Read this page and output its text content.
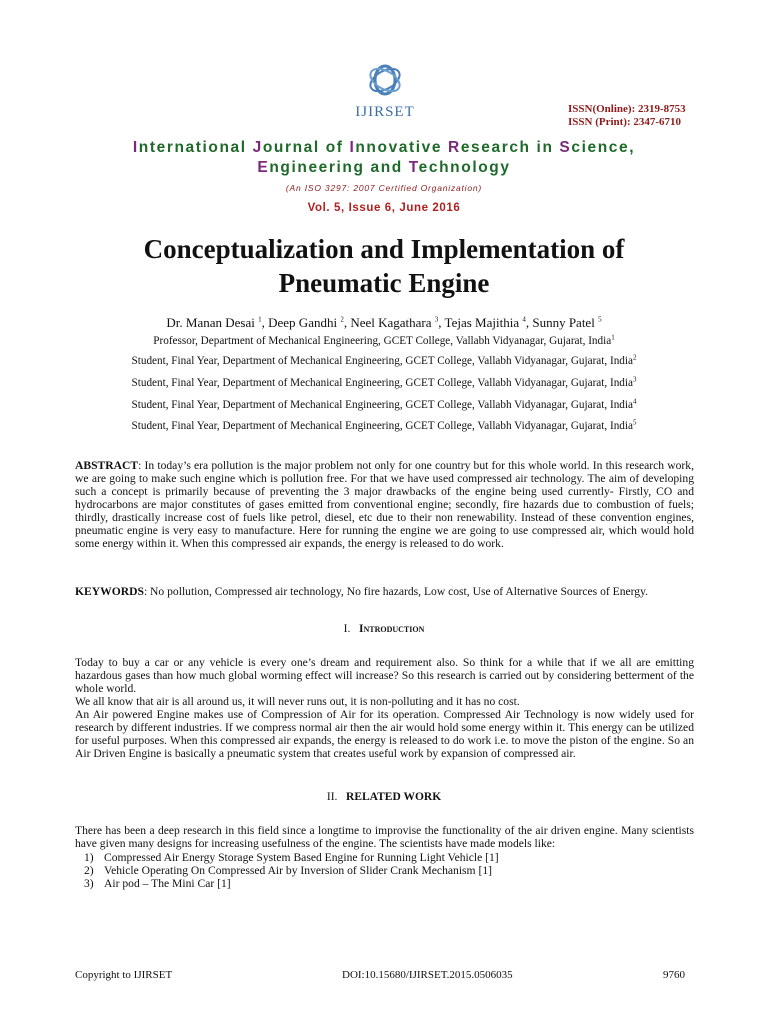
IJIRSET	ISSN(Online): 2319-8753
ISSN (Print): 2347-6710
International Journal of Innovative Research in Science,
Engineering and Technology
(An ISO 3297: 2007 Certified Organization)
Vol. 5, Issue 6, June 2016
Conceptualization and Implementation of
Pneumatic Engine
Dr. Manan Desai $^1$, Deep Gandhi $^2$, Neel Kagathara $^3$, Tejas Majithia $^4$, Sunny Patel $^5$
Professor, Department of Mechanical Engineering, GCET College, Vallabh Vidyanagar, Gujarat, India$^1$
Student, Final Year, Department of Mechanical Engineering, GCET College, Vallabh Vidyanagar, Gujarat, India$^2$
Student, Final Year, Department of Mechanical Engineering, GCET College, Vallabh Vidyanagar, Gujarat, India$^3$
Student, Final Year, Department of Mechanical Engineering, GCET College, Vallabh Vidyanagar, Gujarat, India$^4$
Student, Final Year, Department of Mechanical Engineering, GCET College, Vallabh Vidyanagar, Gujarat, India$^5$
ABSTRACT: In today’s era pollution is the major problem not only for one country but for this whole world. In this research work, we are going to make such engine which is pollution free. For that we have used compressed air technology. The aim of developing such a concept is primarily because of preventing the 3 major drawbacks of the engine being used currently- Firstly, CO and hydrocarbons are major constitutes of gases emitted from conventional engine; secondly, fire hazards due to combustion of fuels; thirdly, drastically increase cost of fuels like petrol, diesel, etc due to their non renewability. Instead of these convention engines, pneumatic engine is very easy to manufacture. Here for running the engine we are going to use compressed air, which would hold some energy within it. When this compressed air expands, the energy is released to do work.
KEYWORDS: No pollution, Compressed air technology, No fire hazards, Low cost, Use of Alternative Sources of Energy.
I. Introduction
Today to buy a car or any vehicle is every one’s dream and requirement also. So think for a while that if we all are emitting hazardous gases than how much global worming effect will increase? So this research is carried out by considering betterment of the whole world.
We all know that air is all around us, it will never runs out, it is non-polluting and it has no cost.
An Air powered Engine makes use of Compression of Air for its operation. Compressed Air Technology is now widely used for research by different industries. If we compress normal air then the air would hold some energy within it. This energy can be utilized for useful purposes. When this compressed air expands, the energy is released to do work i.e. to move the piston of the engine. So an Air Driven Engine is basically a pneumatic system that creates useful work by expansion of compressed air.
II. RELATED WORK
There has been a deep research in this field since a longtime to improvise the functionality of the air driven engine. Many scientists have given many designs for increasing usefulness of the engine. The scientists have made models like:
1) Compressed Air Energy Storage System Based Engine for Running Light Vehicle [1]
2) Vehicle Operating On Compressed Air by Inversion of Slider Crank Mechanism [1]
3) Air pod – The Mini Car [1]
Copyright to IJIRSET	DOI:10.15680/IJIRSET.2015.0506035	9760
